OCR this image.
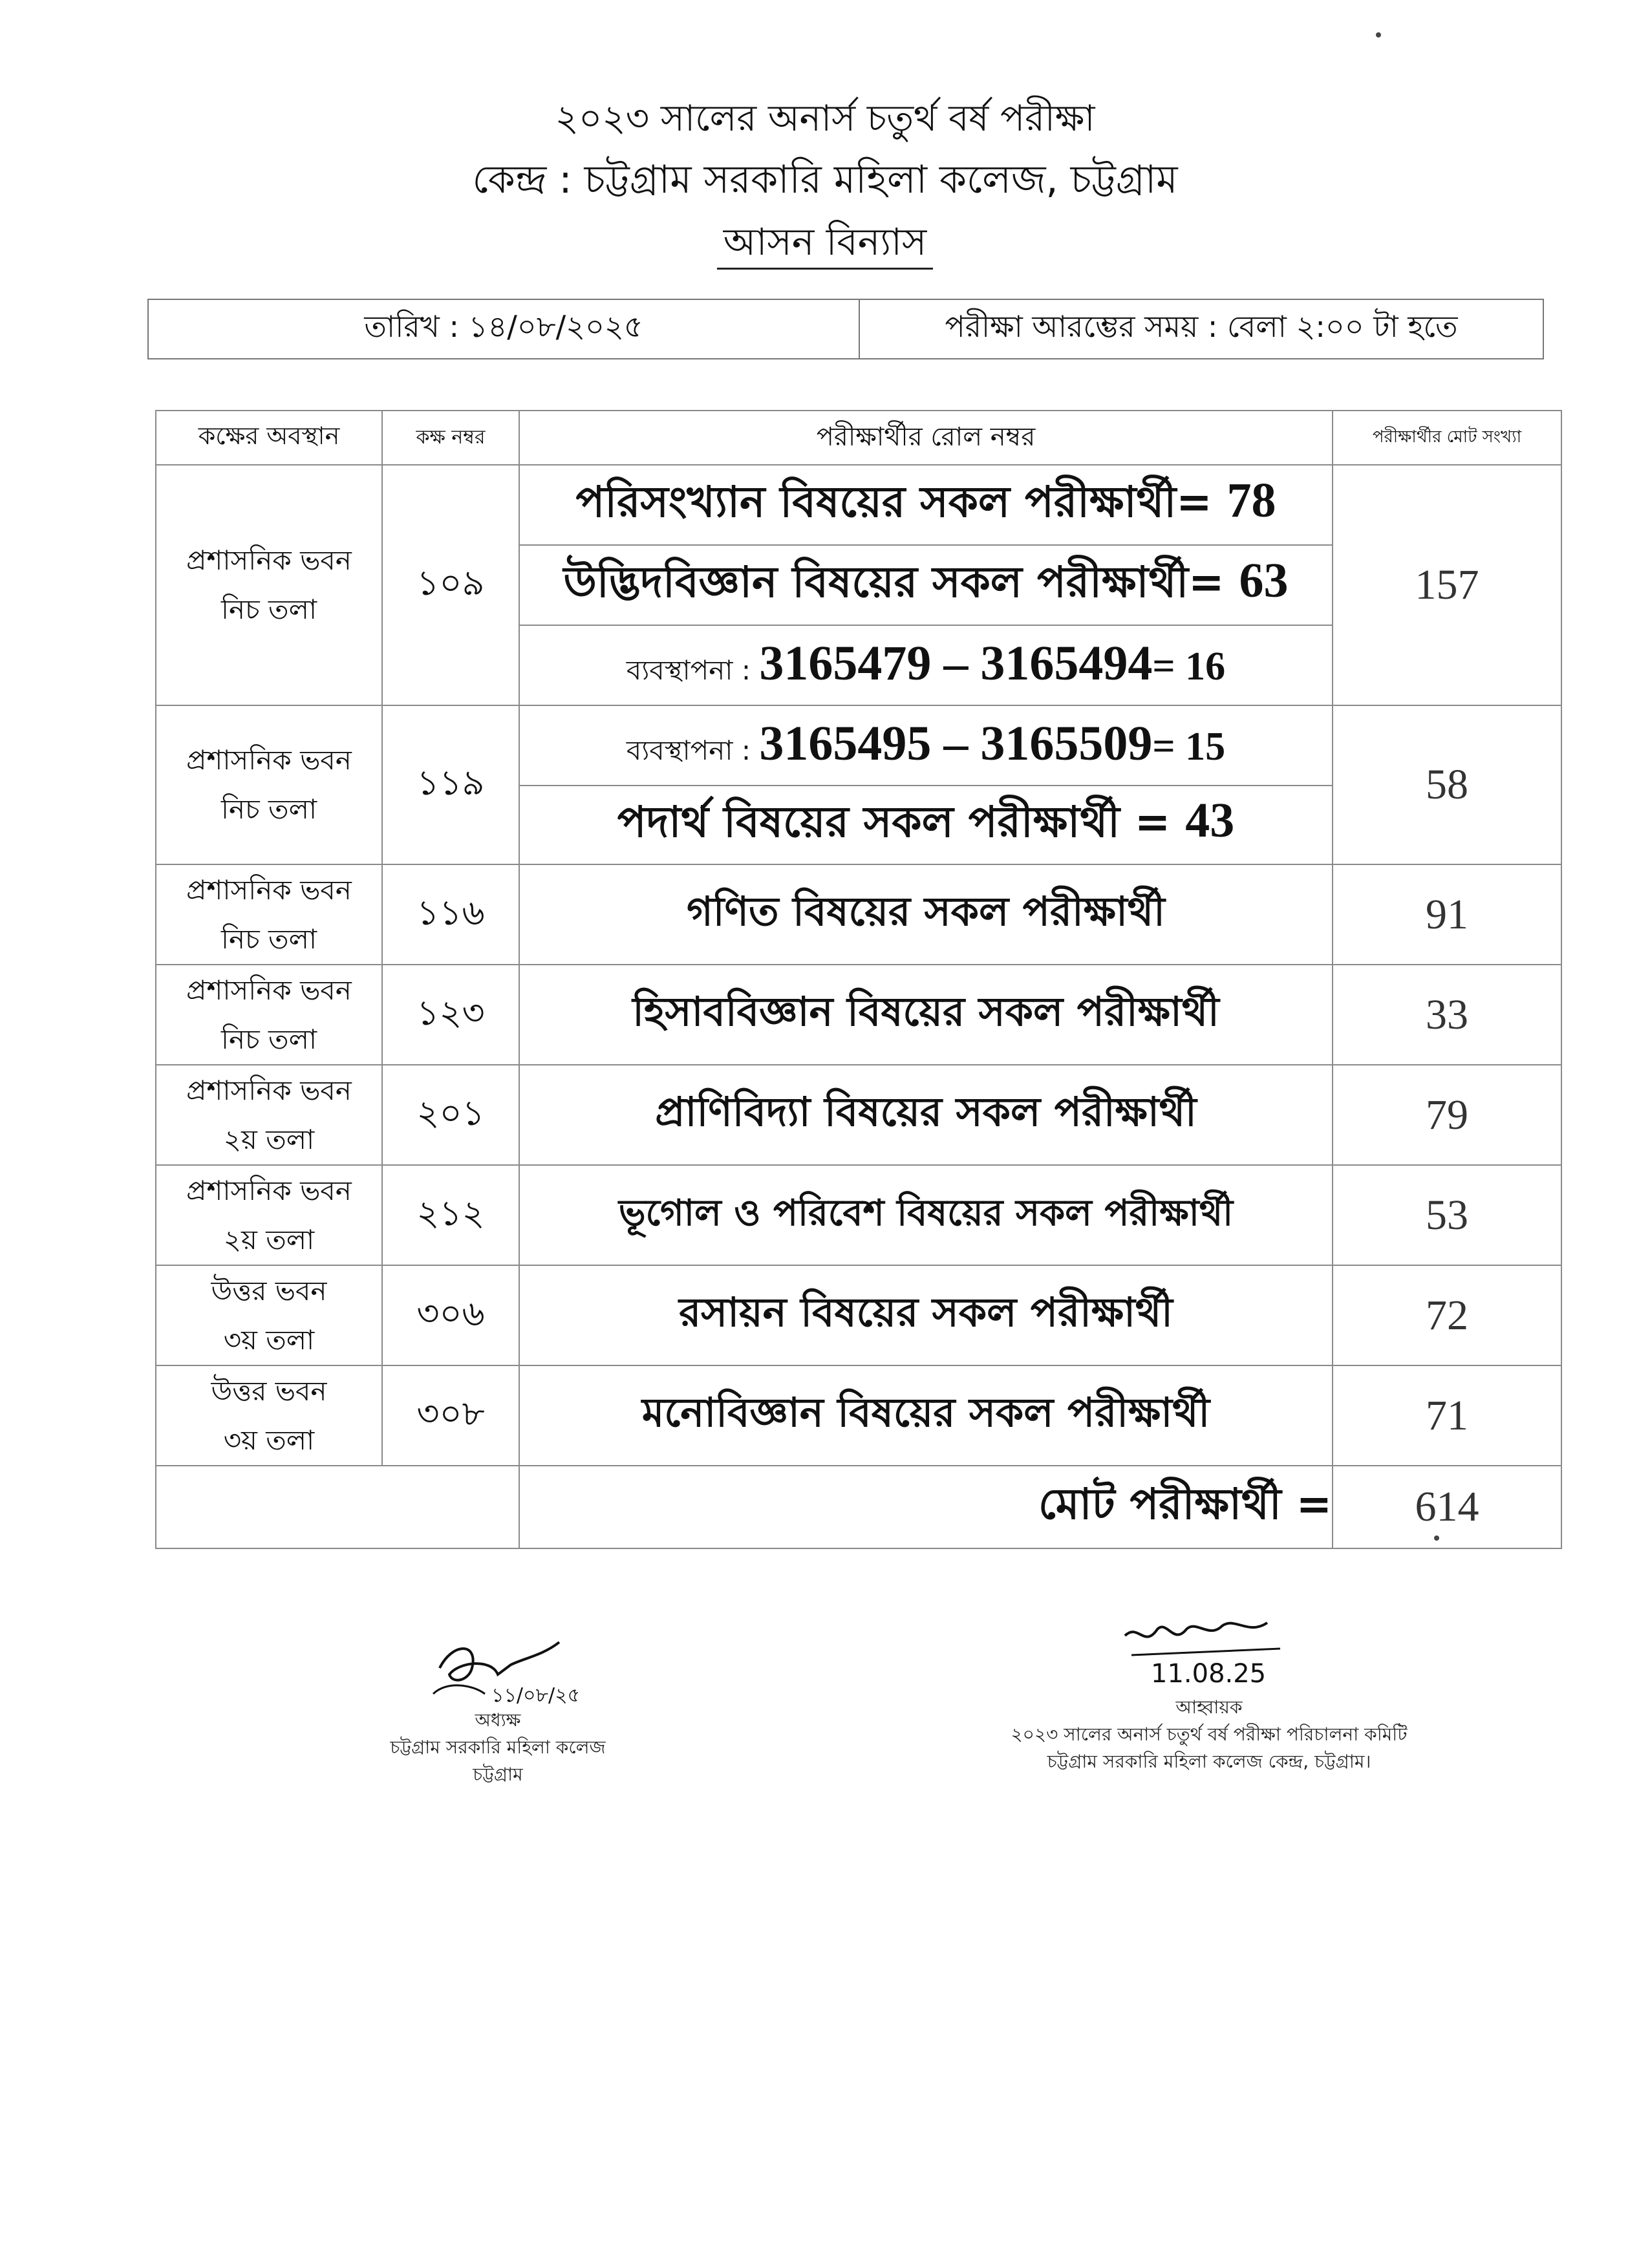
২০২৩ সালের অনার্স চতুর্থ বর্ষ পরীক্ষা
কেন্দ্র : চট্টগ্রাম সরকারি মহিলা কলেজ, চট্টগ্রাম
আসন বিন্যাস
তারিখ : ১৪/০৮/২০২৫	পরীক্ষা আরম্ভের সময় : বেলা ২:০০ টা হতে
কক্ষের অবস্থান	কক্ষ নম্বর	পরীক্ষার্থীর রোল নম্বর	পরীক্ষার্থীর মোট সংখ্যা

প্রশাসনিক ভবন
নিচ তলা	১০৯	পরিসংখ্যান বিষয়ের সকল পরীক্ষার্থী= 78	157
		উদ্ভিদবিজ্ঞান বিষয়ের সকল পরীক্ষার্থী= 63	
		ব্যবস্থাপনা : 3165479 – 3165494= 16	

প্রশাসনিক ভবন
নিচ তলা	১১৯	ব্যবস্থাপনা : 3165495 – 3165509= 15	58
		পদার্থ বিষয়ের সকল পরীক্ষার্থী = 43	

প্রশাসনিক ভবন
নিচ তলা	১১৬	গণিত বিষয়ের সকল পরীক্ষার্থী	91

প্রশাসনিক ভবন
নিচ তলা	১২৩	হিসাববিজ্ঞান বিষয়ের সকল পরীক্ষার্থী	33

প্রশাসনিক ভবন
২য় তলা	২০১	প্রাণিবিদ্যা বিষয়ের সকল পরীক্ষার্থী	79

প্রশাসনিক ভবন
২য় তলা	২১২	ভূগোল ও পরিবেশ বিষয়ের সকল পরীক্ষার্থী	53

উত্তর ভবন
৩য় তলা	৩০৬	রসায়ন বিষয়ের সকল পরীক্ষার্থী	72

উত্তর ভবন
৩য় তলা	৩০৮	মনোবিজ্ঞান বিষয়ের সকল পরীক্ষার্থী	71
		মোট পরীক্ষার্থী =	614
১১/০৮/২৫
অধ্যক্ষ
চট্টগ্রাম সরকারি মহিলা কলেজ
চট্টগ্রাম
11.08.25
আহ্বায়ক
২০২৩ সালের অনার্স চতুর্থ বর্ষ পরীক্ষা পরিচালনা কমিটি
চট্টগ্রাম সরকারি মহিলা কলেজ কেন্দ্র, চট্টগ্রাম।
